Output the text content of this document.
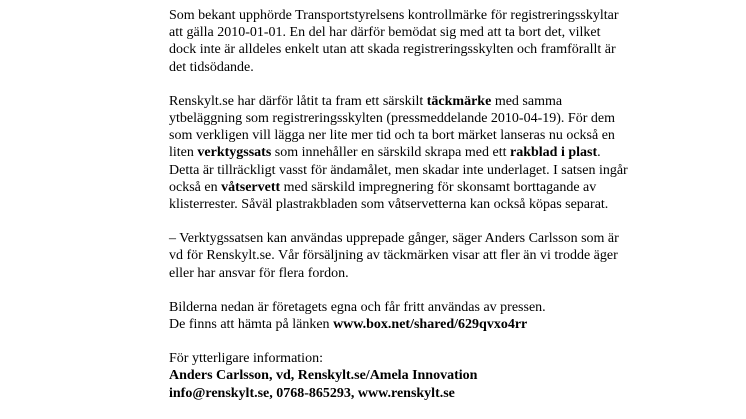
Som bekant upphörde Transportstyrelsens kontrollmärke för registreringsskyltar
att gälla 2010-01-01. En del har därför bemödat sig med att ta bort det, vilket
dock inte är alldeles enkelt utan att skada registreringsskylten och framförallt är
det tidsödande.

Renskylt.se har därför låtit ta fram ett särskilt täckmärke med samma
ytbeläggning som registreringsskylten (pressmeddelande 2010-04-19). För dem
som verkligen vill lägga ner lite mer tid och ta bort märket lanseras nu också en
liten verktygssats som innehåller en särskild skrapa med ett rakblad i plast.
Detta är tillräckligt vasst för ändamålet, men skadar inte underlaget. I satsen ingår
också en våtservett med särskild impregnering för skonsamt borttagande av
klisterrester. Såväl plastrakbladen som våtservetterna kan också köpas separat.

– Verktygssatsen kan användas upprepade gånger, säger Anders Carlsson som är
vd för Renskylt.se. Vår försäljning av täckmärken visar att fler än vi trodde äger
eller har ansvar för flera fordon.

Bilderna nedan är företagets egna och får fritt användas av pressen.
De finns att hämta på länken www.box.net/shared/629qvxo4rr

För ytterligare information:
Anders Carlsson, vd, Renskylt.se/Amela Innovation
info@renskylt.se, 0768-865293, www.renskylt.se
